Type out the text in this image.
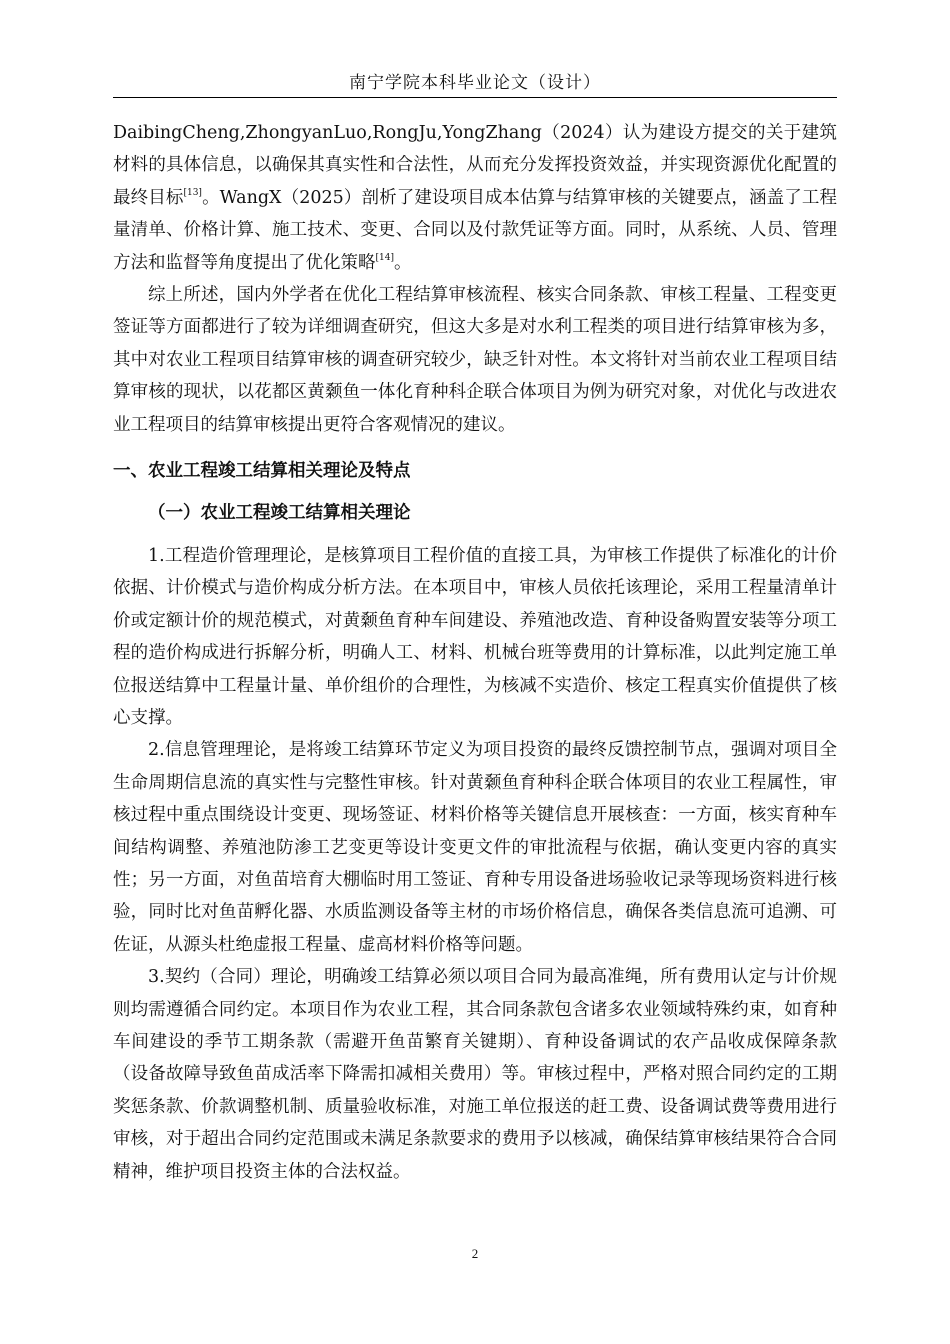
南宁学院本科毕业论文（设计）

DaibingCheng,ZhongyanLuo,RongJu,YongZhang（2024）认为建设方提交的关于建筑材料的具体信息，以确保其真实性和合法性，从而充分发挥投资效益，并实现资源优化配置的最终目标[13]。WangX（2025）剖析了建设项目成本估算与结算审核的关键要点，涵盖了工程量清单、价格计算、施工技术、变更、合同以及付款凭证等方面。同时，从系统、人员、管理方法和监督等角度提出了优化策略[14]。

综上所述，国内外学者在优化工程结算审核流程、核实合同条款、审核工程量、工程变更签证等方面都进行了较为详细调查研究，但这大多是对水利工程类的项目进行结算审核为多，其中对农业工程项目结算审核的调查研究较少，缺乏针对性。本文将针对当前农业工程项目结算审核的现状，以花都区黄颡鱼一体化育种科企联合体项目为例为研究对象，对优化与改进农业工程项目的结算审核提出更符合客观情况的建议。

一、农业工程竣工结算相关理论及特点

（一）农业工程竣工结算相关理论

1.工程造价管理理论，是核算项目工程价值的直接工具，为审核工作提供了标准化的计价依据、计价模式与造价构成分析方法。在本项目中，审核人员依托该理论，采用工程量清单计价或定额计价的规范模式，对黄颡鱼育种车间建设、养殖池改造、育种设备购置安装等分项工程的造价构成进行拆解分析，明确人工、材料、机械台班等费用的计算标准，以此判定施工单位报送结算中工程量计量、单价组价的合理性，为核减不实造价、核定工程真实价值提供了核心支撑。

2.信息管理理论，是将竣工结算环节定义为项目投资的最终反馈控制节点，强调对项目全生命周期信息流的真实性与完整性审核。针对黄颡鱼育种科企联合体项目的农业工程属性，审核过程中重点围绕设计变更、现场签证、材料价格等关键信息开展核查：一方面，核实育种车间结构调整、养殖池防渗工艺变更等设计变更文件的审批流程与依据，确认变更内容的真实性；另一方面，对鱼苗培育大棚临时用工签证、育种专用设备进场验收记录等现场资料进行核验，同时比对鱼苗孵化器、水质监测设备等主材的市场价格信息，确保各类信息流可追溯、可佐证，从源头杜绝虚报工程量、虚高材料价格等问题。

3.契约（合同）理论，明确竣工结算必须以项目合同为最高准绳，所有费用认定与计价规则均需遵循合同约定。本项目作为农业工程，其合同条款包含诸多农业领域特殊约束，如育种车间建设的季节工期条款（需避开鱼苗繁育关键期）、育种设备调试的农产品收成保障条款（设备故障导致鱼苗成活率下降需扣减相关费用）等。审核过程中，严格对照合同约定的工期奖惩条款、价款调整机制、质量验收标准，对施工单位报送的赶工费、设备调试费等费用进行审核，对于超出合同约定范围或未满足条款要求的费用予以核减，确保结算审核结果符合合同精神，维护项目投资主体的合法权益。

2
